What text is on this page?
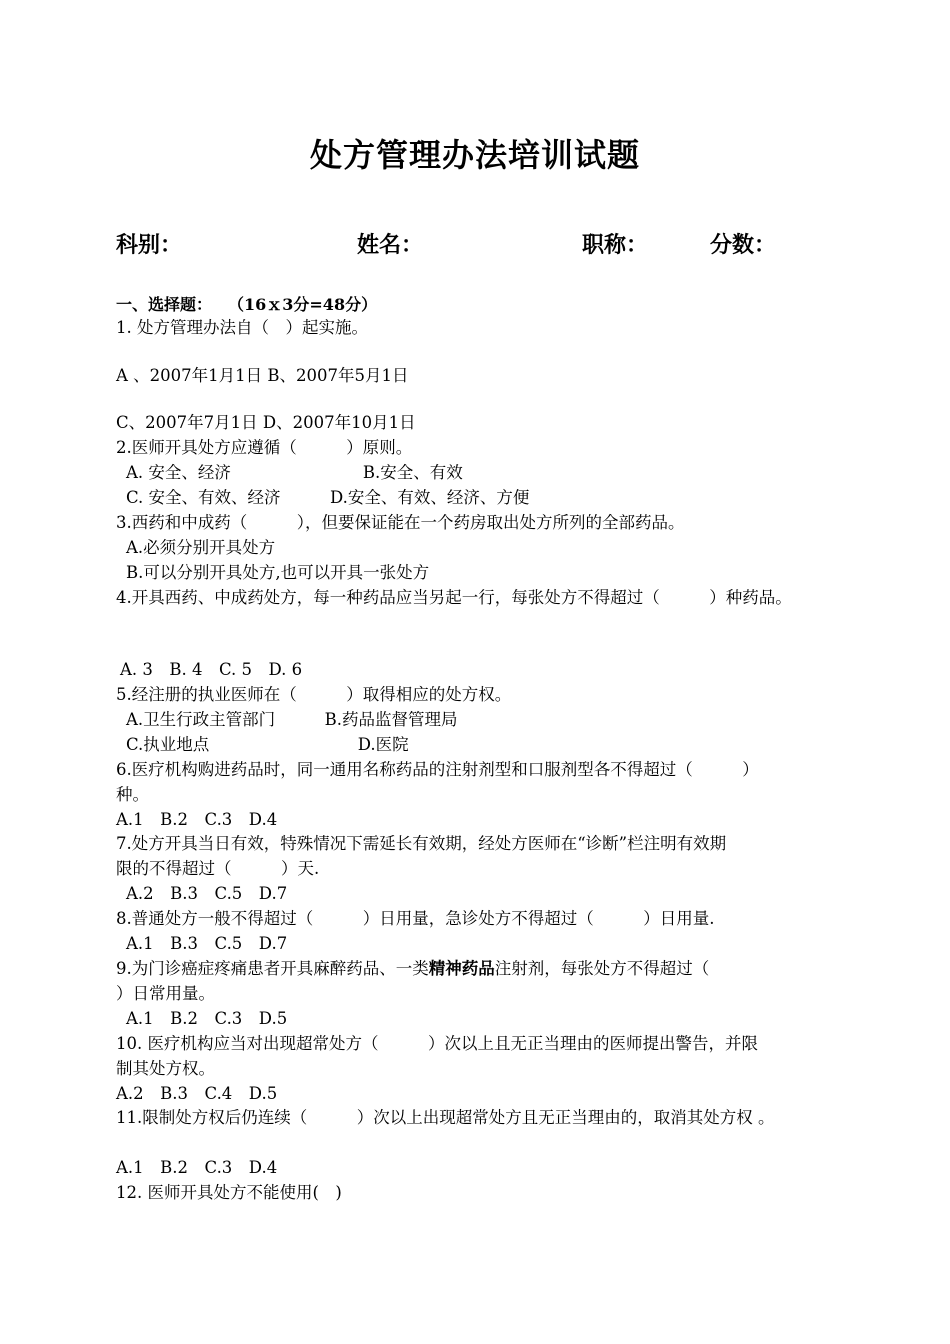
处方管理办法培训试题
科别：	姓名：	职称：	分数：
一、选择题：　　（16ｘ3分=48分）
1. 处方管理办法自（　）起实施。
A 、2007年1月1日 B、2007年5月1日
C、2007年7月1日 D、2007年10月1日
2.医师开具处方应遵循（　　　）原则。
A. 安全、经济　　　　　　　　B.安全、有效
C. 安全、有效、经济　　　D.安全、有效、经济、方便
3.西药和中成药（　　　），但要保证能在一个药房取出处方所列的全部药品。
A.必须分别开具处方
B.可以分别开具处方,也可以开具一张处方
4.开具西药、中成药处方，每一种药品应当另起一行，每张处方不得超过（　　　）种药品。
A. 3　B. 4　C. 5　D. 6
5.经注册的执业医师在（　　　）取得相应的处方权。
A.卫生行政主管部门　　　B.药品监督管理局
C.执业地点　　　　　　　　　D.医院
6.医疗机构购进药品时，同一通用名称药品的注射剂型和口服剂型各不得超过（　　　）
种。
A.1　B.2　C.3　D.4
7.处方开具当日有效，特殊情况下需延长有效期，经处方医师在“诊断”栏注明有效期
限的不得超过（　　　）天.
A.2　B.3　C.5　D.7
8.普通处方一般不得超过（　　　）日用量，急诊处方不得超过（　　　）日用量.
A.1　B.3　C.5　D.7
9.为门诊癌症疼痛患者开具麻醉药品、一类精神药品注射剂，每张处方不得超过（
）日常用量。
A.1　B.2　C.3　D.5
10. 医疗机构应当对出现超常处方（　　　）次以上且无正当理由的医师提出警告，并限
制其处方权。
A.2　B.3　C.4　D.5
11.限制处方权后仍连续（　　　）次以上出现超常处方且无正当理由的，取消其处方权 。
A.1　B.2　C.3　D.4
12. 医师开具处方不能使用(　)
